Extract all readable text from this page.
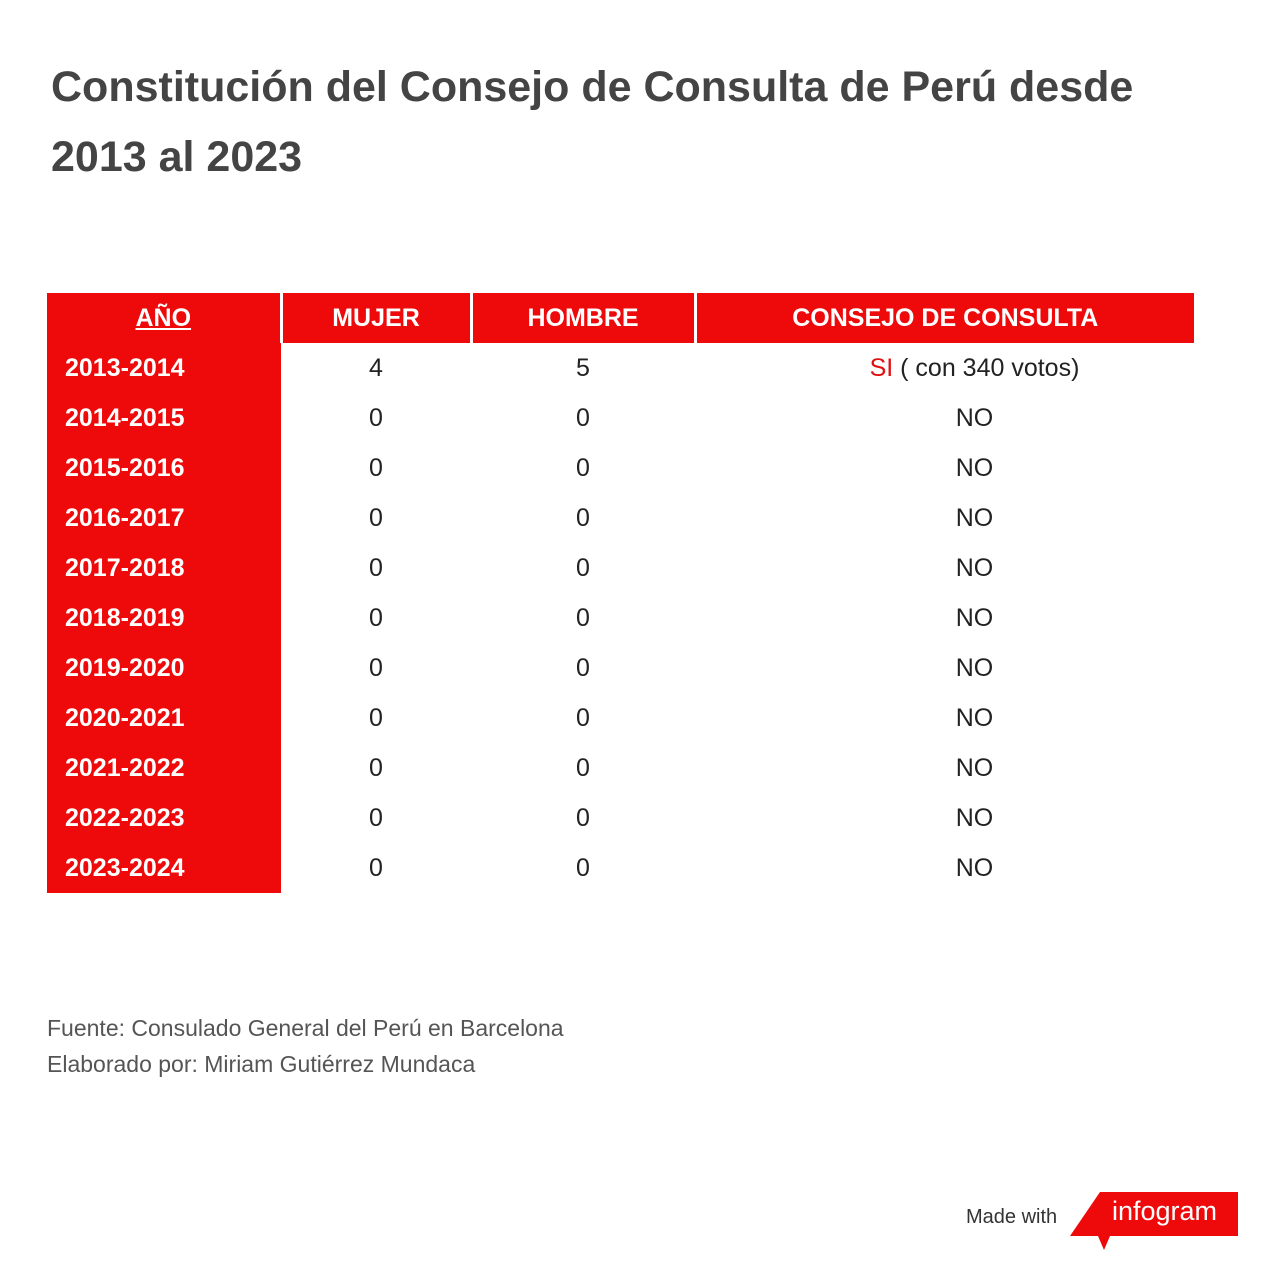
Constitución del Consejo de Consulta de Perú desde 2013 al 2023
AÑO	MUJER	HOMBRE	CONSEJO DE CONSULTA
2013-2014	4	5	SI ( con 340 votos)
2014-2015	0	0	NO
2015-2016	0	0	NO
2016-2017	0	0	NO
2017-2018	0	0	NO
2018-2019	0	0	NO
2019-2020	0	0	NO
2020-2021	0	0	NO
2021-2022	0	0	NO
2022-2023	0	0	NO
2023-2024	0	0	NO
Fuente: Consulado General del Perú en Barcelona
Elaborado por: Miriam Gutiérrez Mundaca
Made with infogram
